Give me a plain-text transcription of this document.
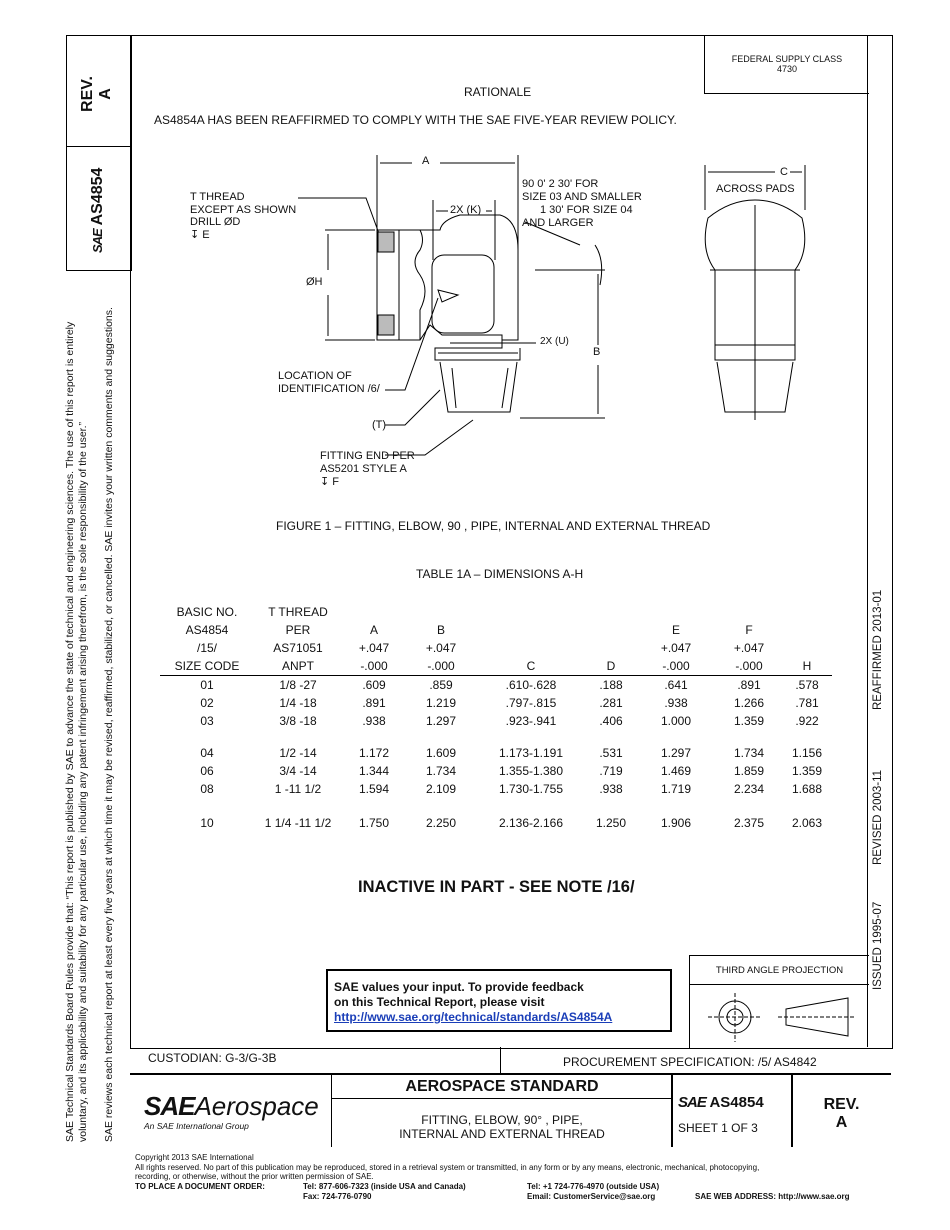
REV. A
SAE AS4854
SAE Technical Standards Board Rules provide that: “This report is published by SAE to advance the state of technical and engineering sciences. The use of this report is entirely voluntary, and its applicability and suitability for any particular use, including any patent infringement arising therefrom, is the sole responsibility of the user.” SAE reviews each technical report at least every five years at which time it may be revised, reaffirmed, stabilized, or cancelled. SAE invites your written comments and suggestions.	REAFFIRMED 2013-01
REVISED 2003-11
ISSUED 1995-07
FEDERAL SUPPLY CLASS
4730
RATIONALE
AS4854A HAS BEEN REAFFIRMED TO COMPLY WITH THE SAE FIVE-YEAR REVIEW POLICY.
A
2X (K)
T THREAD
EXCEPT AS SHOWN
DRILL ØD
↧ E
90 0' 2 30' FOR
SIZE 03 AND SMALLER
1 30' FOR SIZE 04
AND LARGER
C
ACROSS PADS
ØH
2X (U)
B
LOCATION OF
IDENTIFICATION /6/
(T)
FITTING END PER
AS5201 STYLE A
↧ F
FIGURE 1 – FITTING, ELBOW, 90 , PIPE, INTERNAL AND EXTERNAL THREAD
TABLE 1A – DIMENSIONS A-H
BASIC NO.	T THREAD							
AS4854	PER	A	B			E	F	
/15/	AS71051	+.047	+.047			+.047	+.047	
SIZE CODE	ANPT	-.000	-.000	C	D	-.000	-.000	H
01	1/8 -27	.609	.859	.610-.628	.188	.641	.891	.578
02	1/4 -18	.891	1.219	.797-.815	.281	.938	1.266	.781
03	3/8 -18	.938	1.297	.923-.941	.406	1.000	1.359	.922

04	1/2 -14	1.172	1.609	1.173-1.191	.531	1.297	1.734	1.156
06	3/4 -14	1.344	1.734	1.355-1.380	.719	1.469	1.859	1.359
08	1 -11 1/2	1.594	2.109	1.730-1.755	.938	1.719	2.234	1.688

10	1 1/4 -11 1/2	1.750	2.250	2.136-2.166	1.250	1.906	2.375	2.063
INACTIVE IN PART - SEE NOTE /16/
SAE values your input. To provide feedback
on this Technical Report, please visit
http://www.sae.org/technical/standards/AS4854A
THIRD ANGLE PROJECTION
CUSTODIAN: G-3/G-3B	PROCUREMENT SPECIFICATION: /5/ AS4842
SAEAerospace
An SAE International Group
AEROSPACE STANDARD
FITTING, ELBOW, 90° , PIPE,
INTERNAL AND EXTERNAL THREAD
SAE AS4854
SHEET 1 OF 3
REV.
A
Copyright 2013 SAE International
All rights reserved. No part of this publication may be reproduced, stored in a retrieval system or transmitted, in any form or by any means, electronic, mechanical, photocopying,
recording, or otherwise, without the prior written permission of SAE.
TO PLACE A DOCUMENT ORDER:	Tel: 877-606-7323 (inside USA and Canada)	Tel: +1 724-776-4970 (outside USA)
Fax: 724-776-0790	Email: CustomerService@sae.org	SAE WEB ADDRESS: http://www.sae.org
